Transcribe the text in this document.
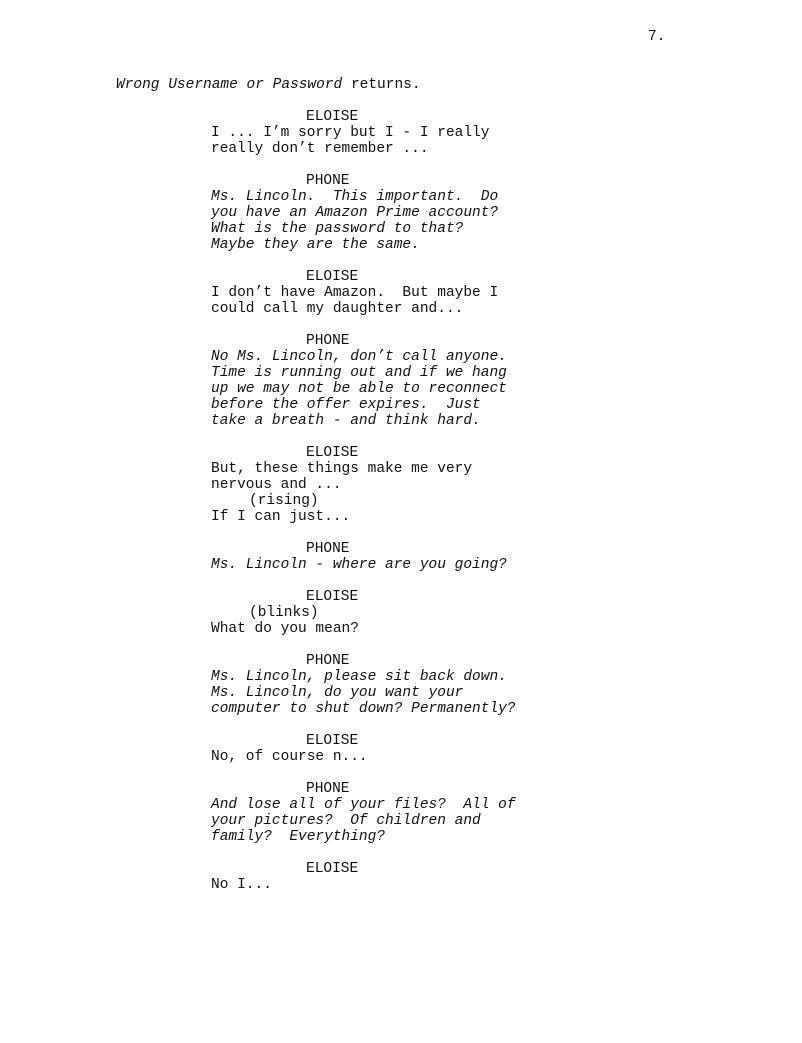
7.
Wrong Username or Password returns.
ELOISE
I ... I’m sorry but I - I really
really don’t remember ...
PHONE
Ms. Lincoln.  This important.  Do
you have an Amazon Prime account?
What is the password to that?
Maybe they are the same.
ELOISE
I don’t have Amazon.  But maybe I
could call my daughter and...
PHONE
No Ms. Lincoln, don’t call anyone.
Time is running out and if we hang
up we may not be able to reconnect
before the offer expires.  Just
take a breath - and think hard.
ELOISE
But, these things make me very
nervous and ...
(rising)
If I can just...
PHONE
Ms. Lincoln - where are you going?
ELOISE
(blinks)
What do you mean?
PHONE
Ms. Lincoln, please sit back down.
Ms. Lincoln, do you want your
computer to shut down? Permanently?
ELOISE
No, of course n...
PHONE
And lose all of your files?  All of
your pictures?  Of children and
family?  Everything?
ELOISE
No I...
